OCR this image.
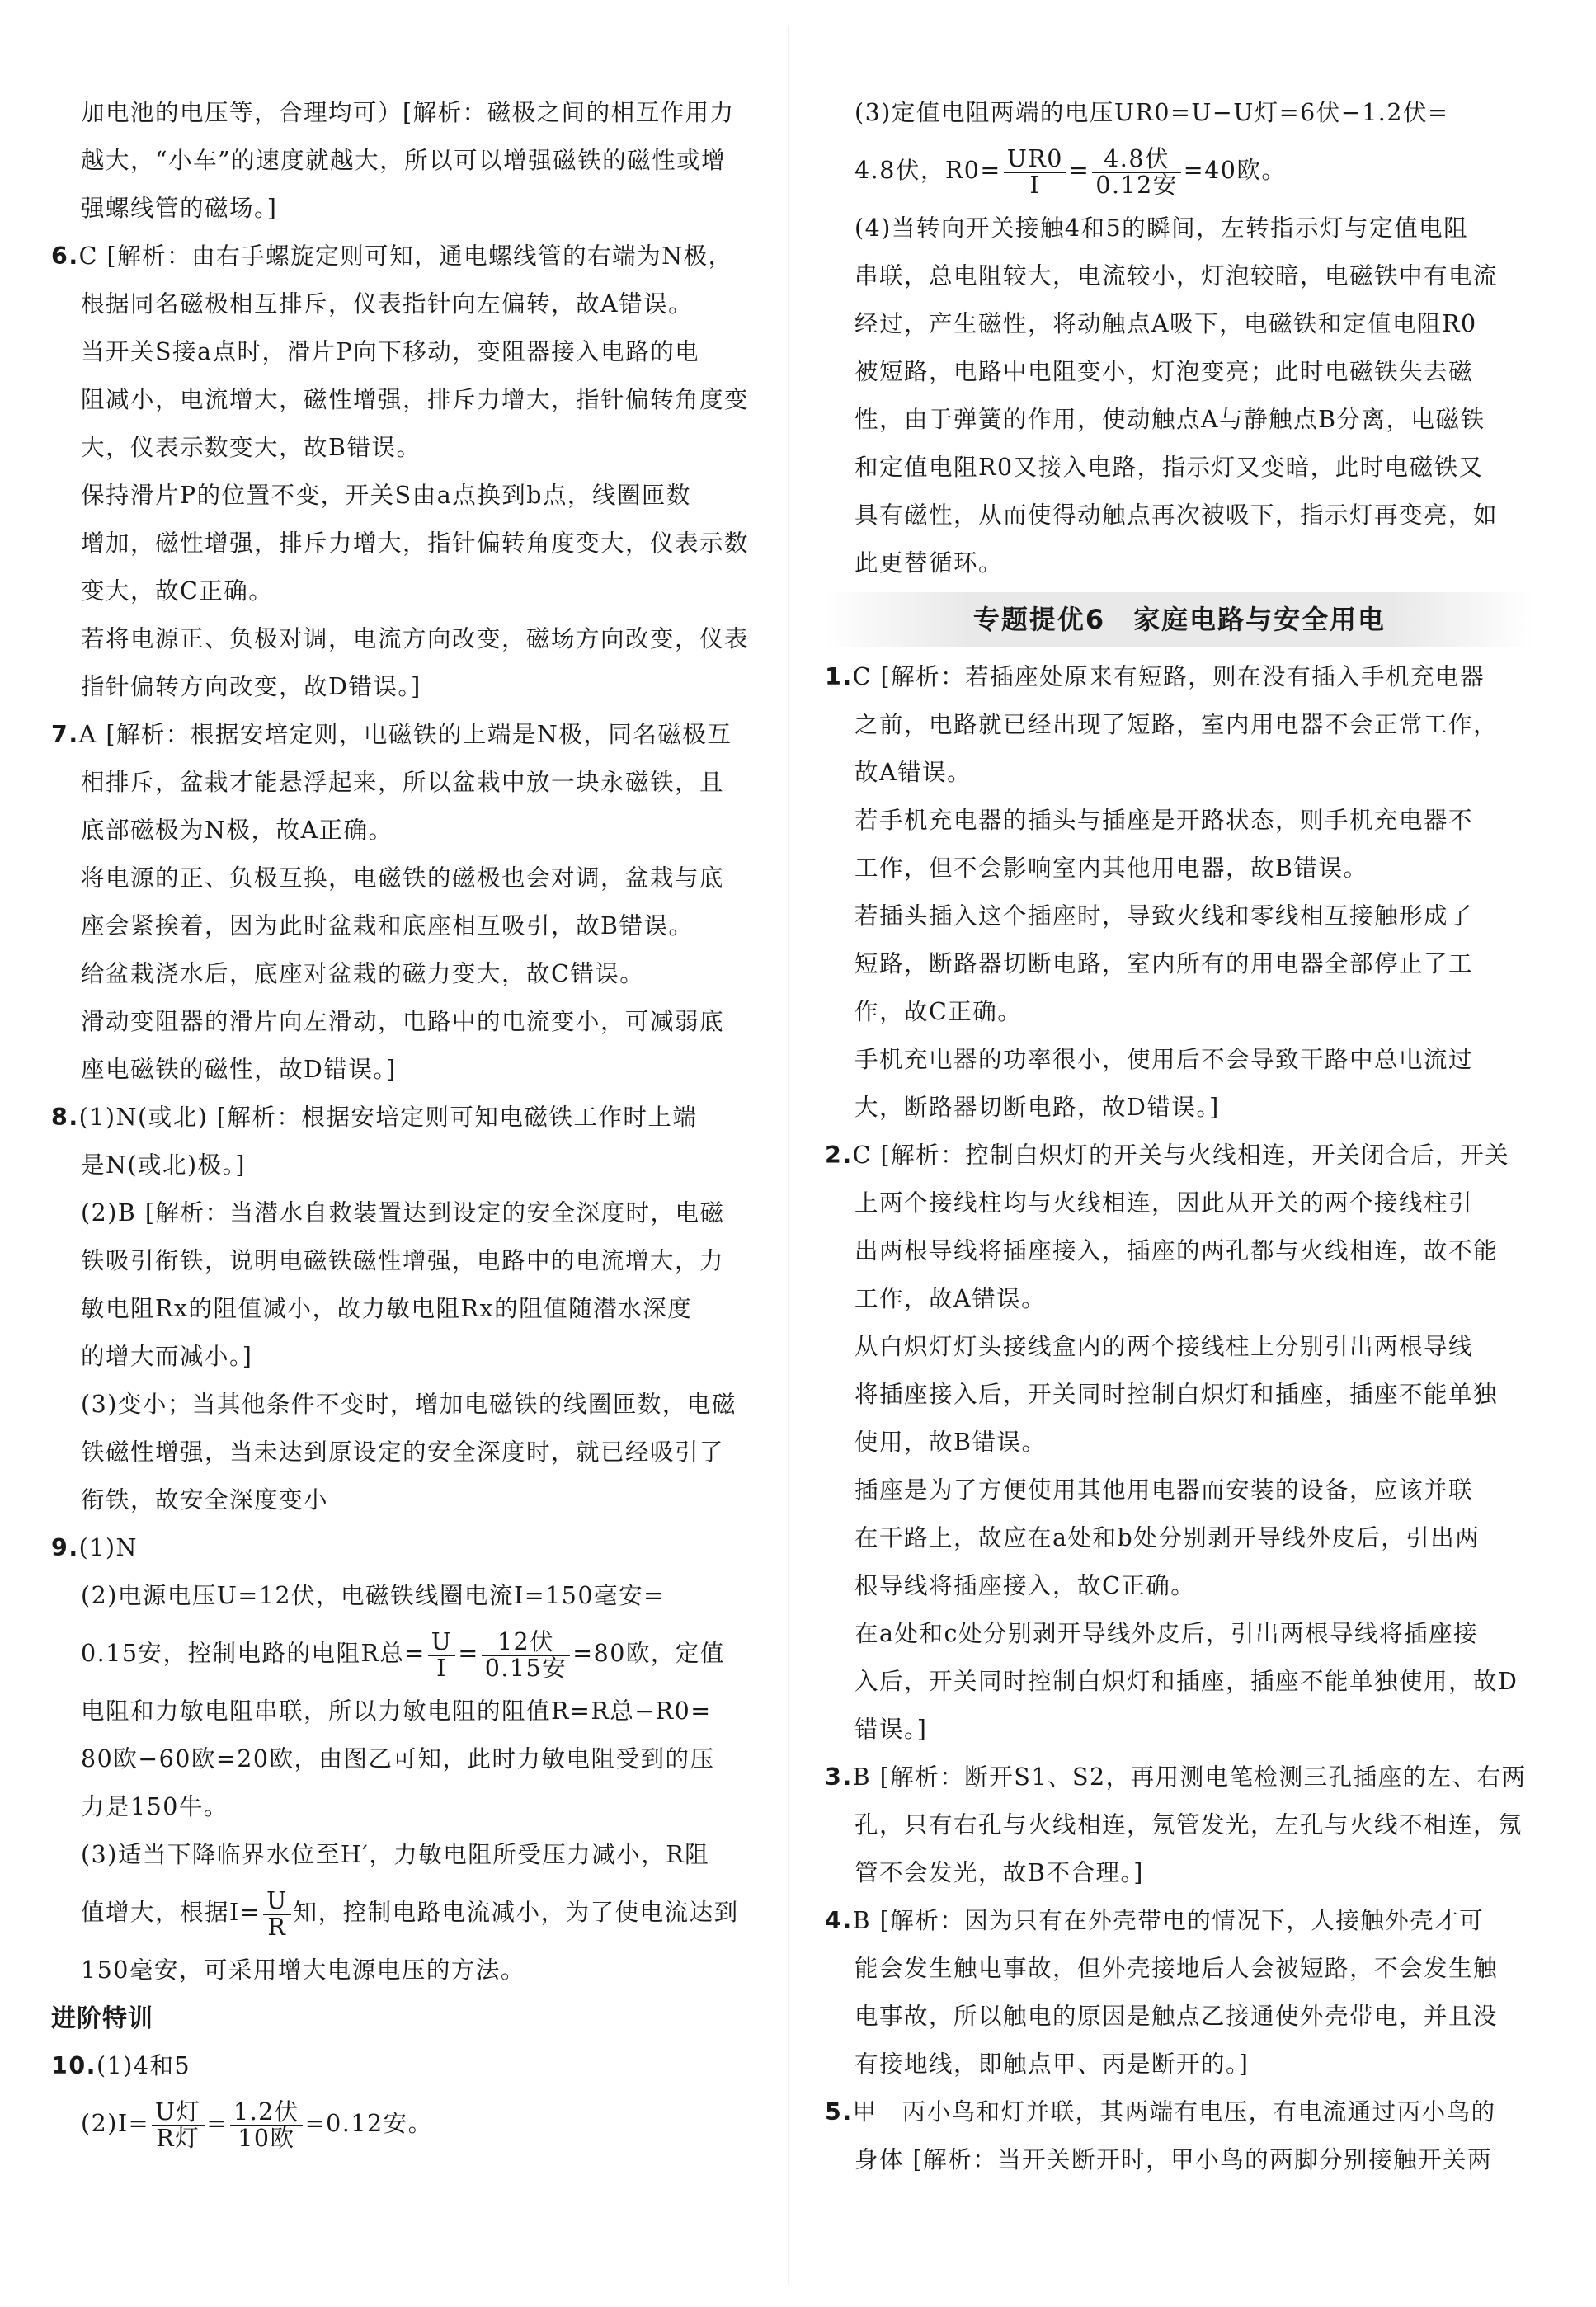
加电池的电压等，合理均可）[解析：磁极之间的相互作用力

越大，“小车”的速度就越大，所以可以增强磁铁的磁性或增

强螺线管的磁场。]

6.C [解析：由右手螺旋定则可知，通电螺线管的右端为N极，

根据同名磁极相互排斥，仪表指针向左偏转，故A错误。

当开关S接a点时，滑片P向下移动，变阻器接入电路的电

阻减小，电流增大，磁性增强，排斥力增大，指针偏转角度变

大，仪表示数变大，故B错误。

保持滑片P的位置不变，开关S由a点换到b点，线圈匝数

增加，磁性增强，排斥力增大，指针偏转角度变大，仪表示数

变大，故C正确。

若将电源正、负极对调，电流方向改变，磁场方向改变，仪表

指针偏转方向改变，故D错误。]

7.A [解析：根据安培定则，电磁铁的上端是N极，同名磁极互

相排斥，盆栽才能悬浮起来，所以盆栽中放一块永磁铁，且

底部磁极为N极，故A正确。

将电源的正、负极互换，电磁铁的磁极也会对调，盆栽与底

座会紧挨着，因为此时盆栽和底座相互吸引，故B错误。

给盆栽浇水后，底座对盆栽的磁力变大，故C错误。

滑动变阻器的滑片向左滑动，电路中的电流变小，可减弱底

座电磁铁的磁性，故D错误。]

8.(1)N(或北) [解析：根据安培定则可知电磁铁工作时上端

是N(或北)极。]

(2)B [解析：当潜水自救装置达到设定的安全深度时，电磁

铁吸引衔铁，说明电磁铁磁性增强，电路中的电流增大，力

敏电阻Rx的阻值减小，故力敏电阻Rx的阻值随潜水深度

的增大而减小。]

(3)变小；当其他条件不变时，增加电磁铁的线圈匝数，电磁

铁磁性增强，当未达到原设定的安全深度时，就已经吸引了

衔铁，故安全深度变小

9.(1)N

(2)电源电压U=12伏，电磁铁线圈电流I=150毫安=

0.15安，控制电路的电阻R总= $\frac{U}{I} = \frac{\text{12伏}}{\text{0.15安}} =80$欧，定值

电阻和力敏电阻串联，所以力敏电阻的阻值R=R总−R0=

80欧−60欧=20欧，由图乙可知，此时力敏电阻受到的压

力是150牛。

(3)适当下降临界水位至H′，力敏电阻所受压力减小，R阻

值增大，根据$I= \frac{U}{R}$ 知，控制电路电流减小，为了使电流达到

150毫安，可采用增大电源电压的方法。

进阶特训

10.(1)4和5

$(2)I= \frac{\text{U灯}}{\text{R灯}} = \frac{\text{1.2伏}}{\text{10欧}} =0.12$安。

(3)定值电阻两端的电压UR0=U−U灯=6伏−1.2伏=

4.8伏，$R0= \frac{UR0}{I} = \frac{\text{4.8伏}}{\text{0.12安}} =40$欧。

(4)当转向开关接触4和5的瞬间，左转指示灯与定值电阻

串联，总电阻较大，电流较小，灯泡较暗，电磁铁中有电流

经过，产生磁性，将动触点A吸下，电磁铁和定值电阻R0

被短路，电路中电阻变小，灯泡变亮；此时电磁铁失去磁

性，由于弹簧的作用，使动触点A与静触点B分离，电磁铁

和定值电阻R0又接入电路，指示灯又变暗，此时电磁铁又

具有磁性，从而使得动触点再次被吸下，指示灯再变亮，如

此更替循环。

专题提优6　家庭电路与安全用电

1.C [解析：若插座处原来有短路，则在没有插入手机充电器

之前，电路就已经出现了短路，室内用电器不会正常工作，

故A错误。

若手机充电器的插头与插座是开路状态，则手机充电器不

工作，但不会影响室内其他用电器，故B错误。

若插头插入这个插座时，导致火线和零线相互接触形成了

短路，断路器切断电路，室内所有的用电器全部停止了工

作，故C正确。

手机充电器的功率很小，使用后不会导致干路中总电流过

大，断路器切断电路，故D错误。]

2.C [解析：控制白炽灯的开关与火线相连，开关闭合后，开关

上两个接线柱均与火线相连，因此从开关的两个接线柱引

出两根导线将插座接入，插座的两孔都与火线相连，故不能

工作，故A错误。

从白炽灯灯头接线盒内的两个接线柱上分别引出两根导线

将插座接入后，开关同时控制白炽灯和插座，插座不能单独

使用，故B错误。

插座是为了方便使用其他用电器而安装的设备，应该并联

在干路上，故应在a处和b处分别剥开导线外皮后，引出两

根导线将插座接入，故C正确。

在a处和c处分别剥开导线外皮后，引出两根导线将插座接

入后，开关同时控制白炽灯和插座，插座不能单独使用，故D

错误。]

3.B [解析：断开S1、S2，再用测电笔检测三孔插座的左、右两

孔，只有右孔与火线相连，氖管发光，左孔与火线不相连，氖

管不会发光，故B不合理。]

4.B [解析：因为只有在外壳带电的情况下，人接触外壳才可

能会发生触电事故，但外壳接地后人会被短路，不会发生触

电事故，所以触电的原因是触点乙接通使外壳带电，并且没

有接地线，即触点甲、丙是断开的。]

5.甲　丙小鸟和灯并联，其两端有电压，有电流通过丙小鸟的

身体 [解析：当开关断开时，甲小鸟的两脚分别接触开关两
